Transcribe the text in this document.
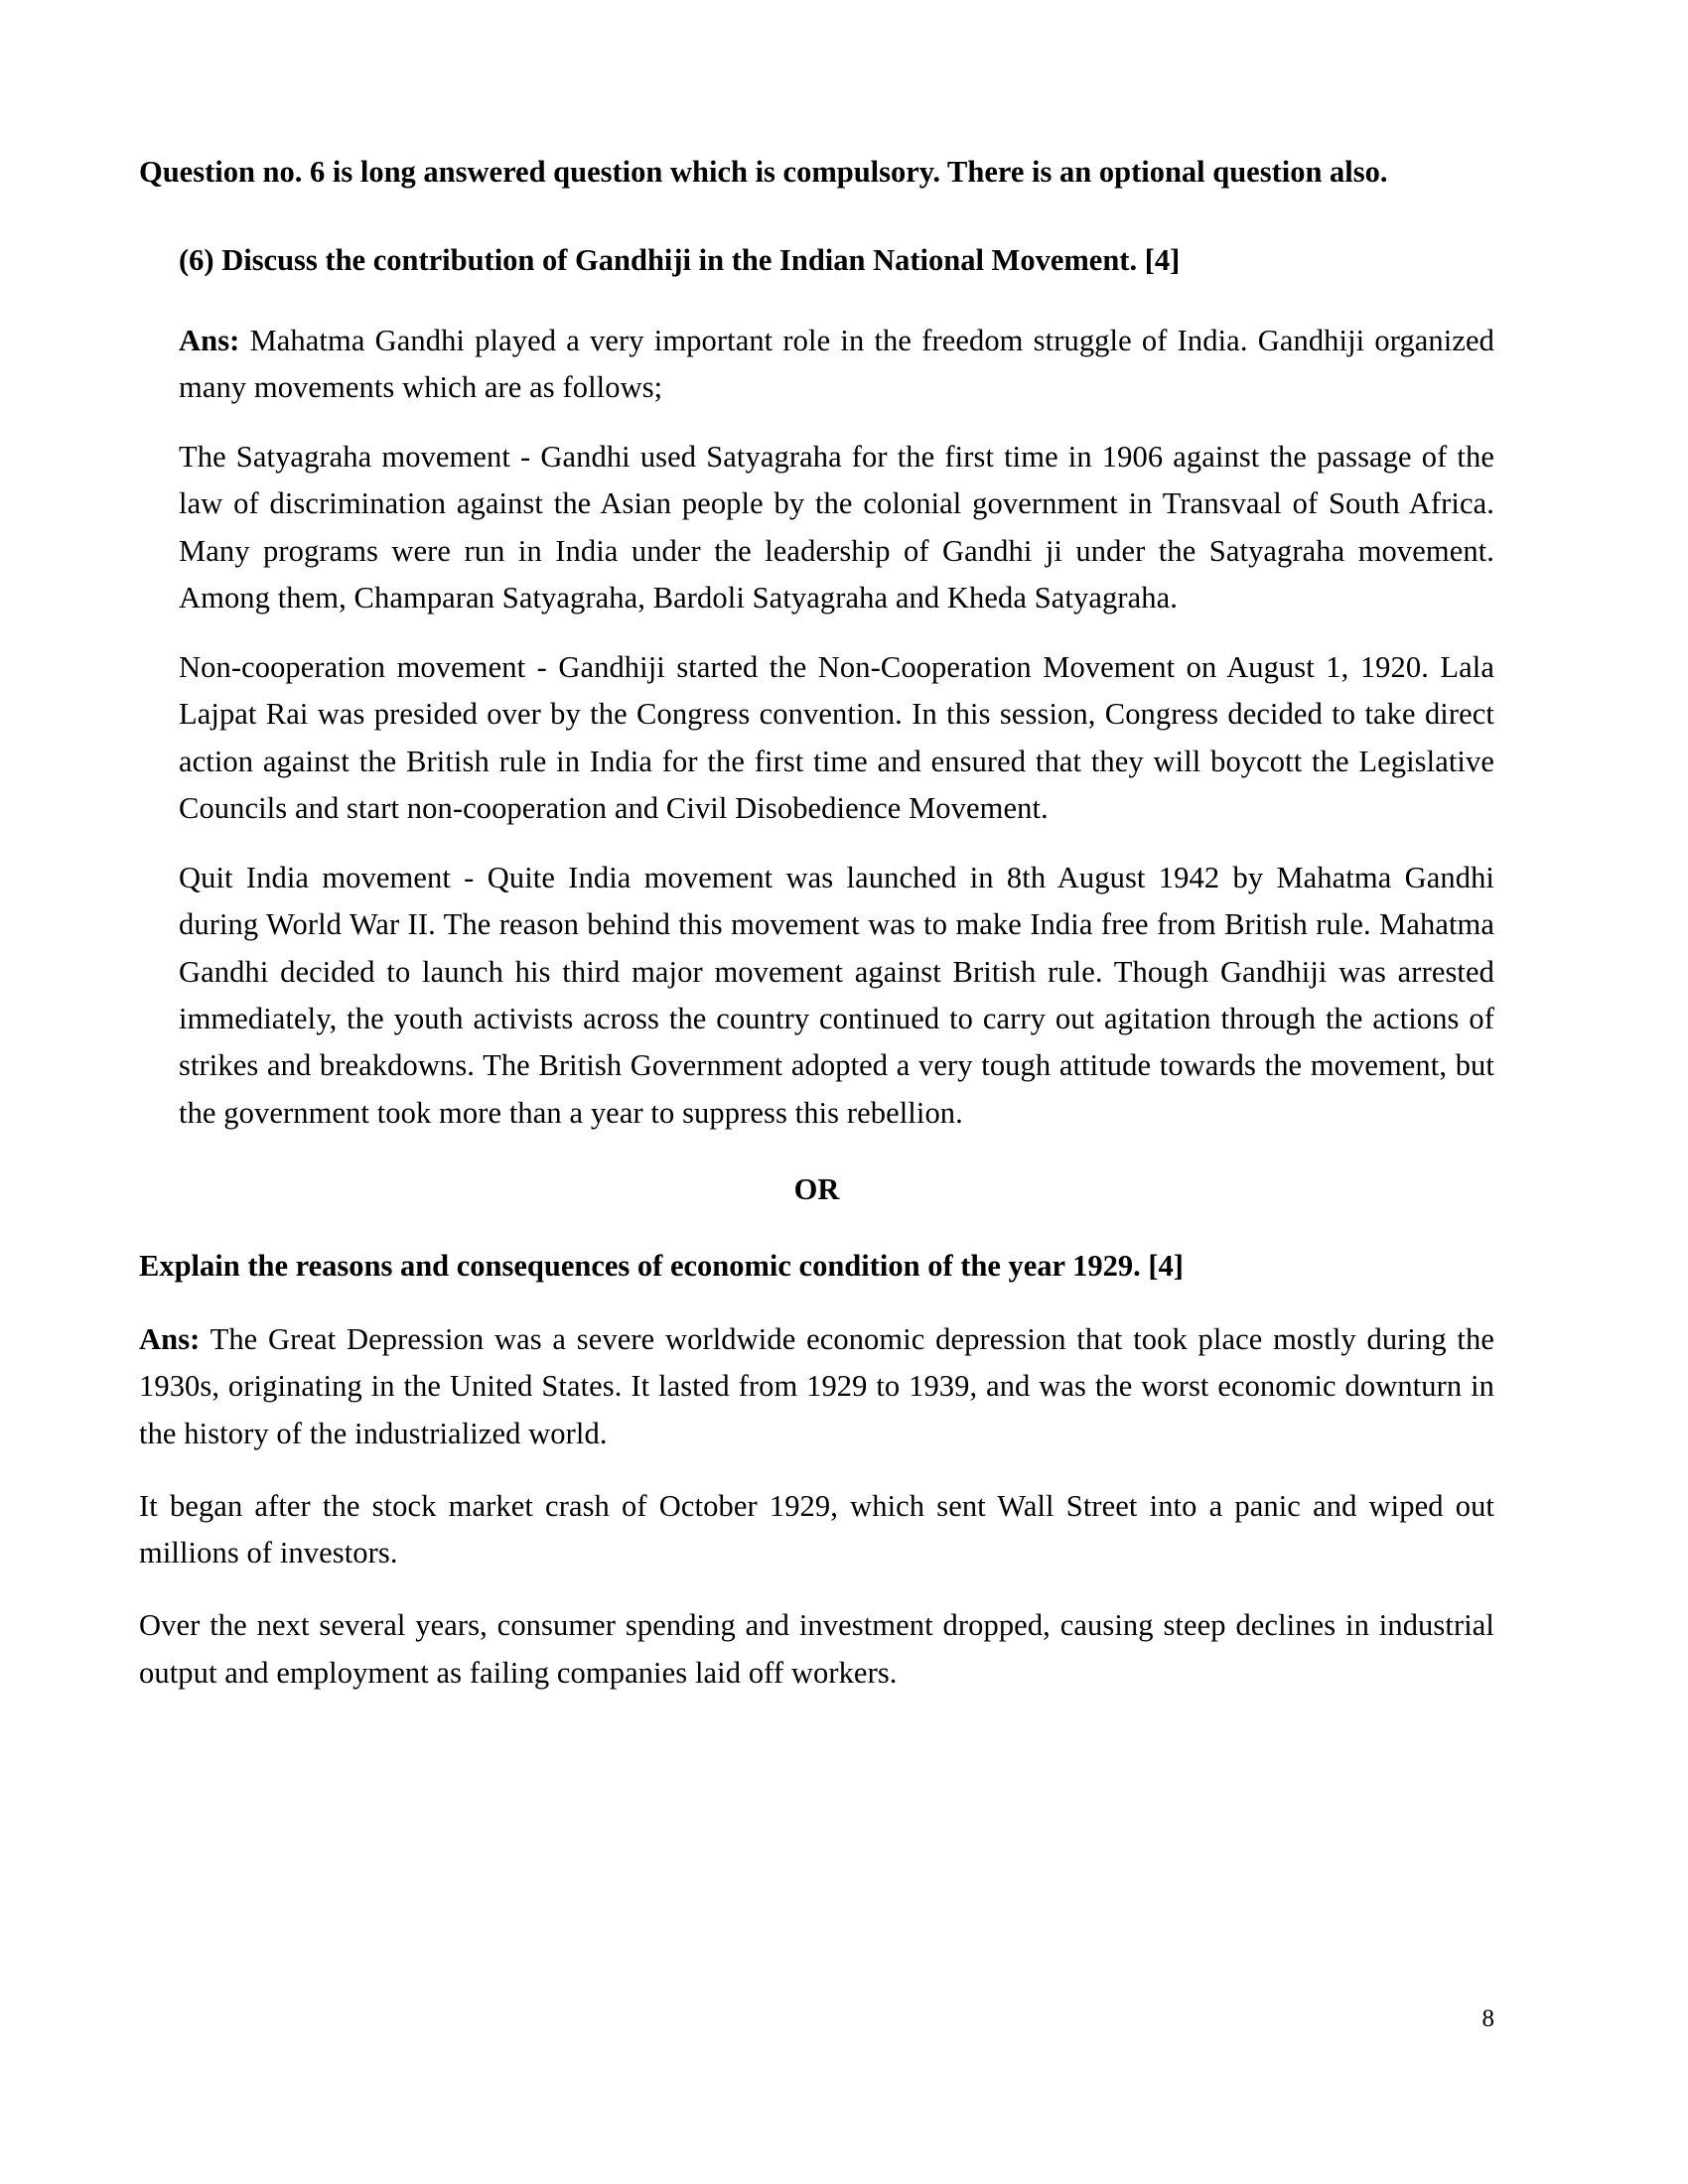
Question no. 6 is long answered question which is compulsory. There is an optional question also.

(6) Discuss the contribution of Gandhiji in the Indian National Movement. [4]

Ans: Mahatma Gandhi played a very important role in the freedom struggle of India. Gandhiji organized many movements which are as follows;

The Satyagraha movement - Gandhi used Satyagraha for the first time in 1906 against the passage of the law of discrimination against the Asian people by the colonial government in Transvaal of South Africa. Many programs were run in India under the leadership of Gandhi ji under the Satyagraha movement. Among them, Champaran Satyagraha, Bardoli Satyagraha and Kheda Satyagraha.

Non-cooperation movement - Gandhiji started the Non-Cooperation Movement on August 1, 1920. Lala Lajpat Rai was presided over by the Congress convention. In this session, Congress decided to take direct action against the British rule in India for the first time and ensured that they will boycott the Legislative Councils and start non-cooperation and Civil Disobedience Movement.

Quit India movement - Quite India movement was launched in 8th August 1942 by Mahatma Gandhi during World War II. The reason behind this movement was to make India free from British rule. Mahatma Gandhi decided to launch his third major movement against British rule. Though Gandhiji was arrested immediately, the youth activists across the country continued to carry out agitation through the actions of strikes and breakdowns. The British Government adopted a very tough attitude towards the movement, but the government took more than a year to suppress this rebellion.

OR

Explain the reasons and consequences of economic condition of the year 1929. [4]

Ans: The Great Depression was a severe worldwide economic depression that took place mostly during the 1930s, originating in the United States. It lasted from 1929 to 1939, and was the worst economic downturn in the history of the industrialized world.

It began after the stock market crash of October 1929, which sent Wall Street into a panic and wiped out millions of investors.

Over the next several years, consumer spending and investment dropped, causing steep declines in industrial output and employment as failing companies laid off workers.

8
